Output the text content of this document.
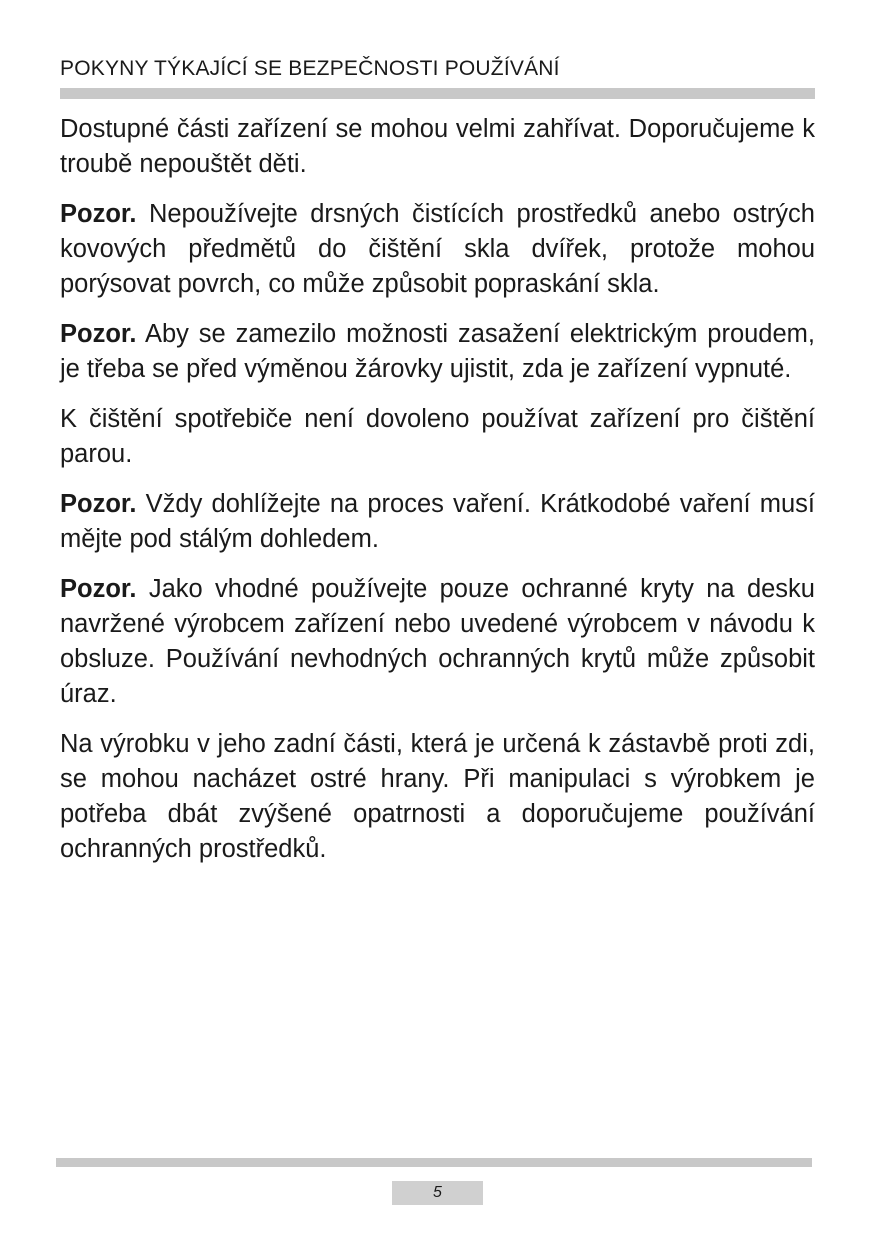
POKYNY TÝKAJÍCÍ SE BEZPEČNOSTI POUŽÍVÁNÍ

Dostupné části zařízení se mohou velmi zahřívat. Doporučujeme k troubě nepouštět děti.

Pozor. Nepoužívejte drsných čistících prostředků anebo ostrých kovových předmětů do čištění skla dvířek, protože mohou porýsovat povrch, co může způsobit popraskání skla.

Pozor. Aby se zamezilo možnosti zasažení elektrickým proudem, je třeba se před výměnou žárovky ujistit, zda je zařízení vypnuté.

K čištění spotřebiče není dovoleno používat zařízení pro čištění parou.

Pozor. Vždy dohlížejte na proces vaření. Krátkodobé vaření musí mějte pod stálým dohledem.

Pozor. Jako vhodné používejte pouze ochranné kryty na desku navržené výrobcem zařízení nebo uvedené výrobcem v návodu k obsluze. Používání nevhodných ochranných krytů může způsobit úraz.

Na výrobku v jeho zadní části, která je určená k zástavbě proti zdi, se mohou nacházet ostré hrany. Při manipulaci s výrobkem je potřeba dbát zvýšené opatrnosti a doporučujeme používání ochranných prostředků.

5
